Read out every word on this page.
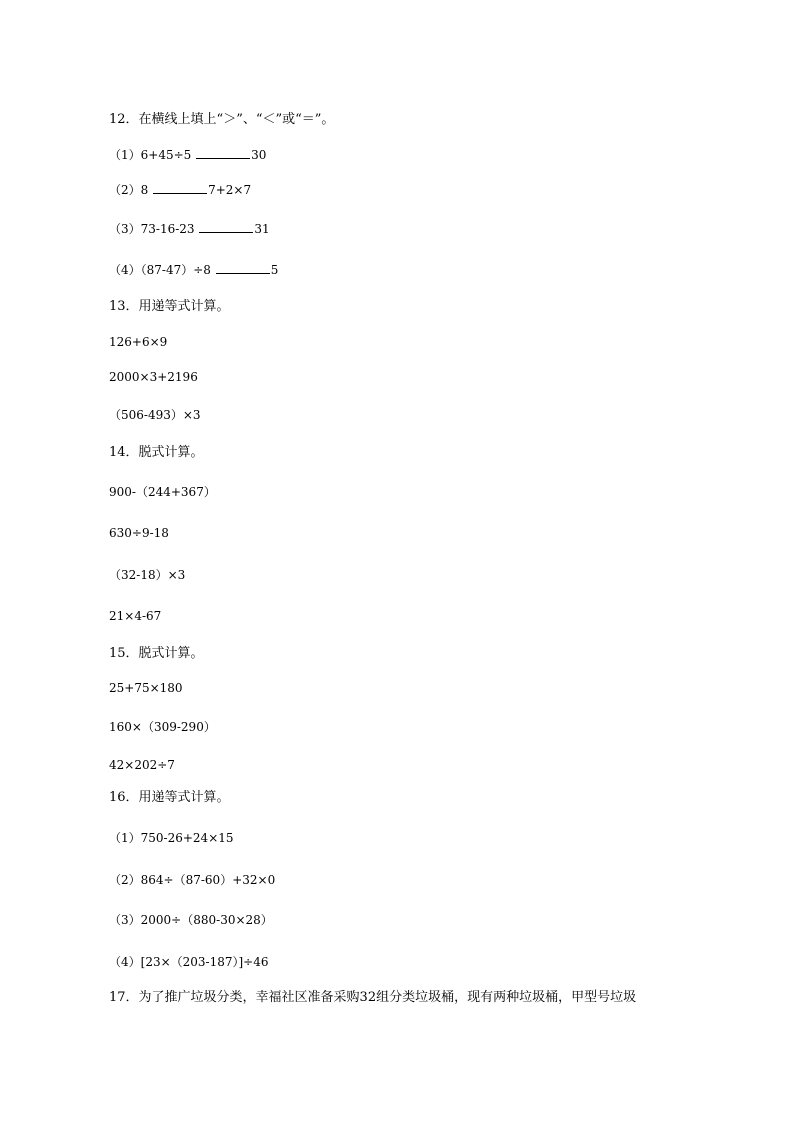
12．在横线上填上“＞”、“＜”或“＝”。
（1）6+45÷5	30
（2）8	7+2×7
（3）73-16-23	31
（4）（87-47）÷8	5
13．用递等式计算。
126+6×9
2000×3+2196
（506-493）×3
14．脱式计算。
900-（244+367）
630÷9-18
（32-18）×3
21×4-67
15．脱式计算。
25+75×180
160×（309-290）
42×202÷7
16．用递等式计算。
（1）750-26+24×15
（2）864÷（87-60）+32×0
（3）2000÷（880-30×28）
（4）[23×（203-187）]÷46
17．为了推广垃圾分类，幸福社区准备采购32组分类垃圾桶，现有两种垃圾桶，甲型号垃圾
